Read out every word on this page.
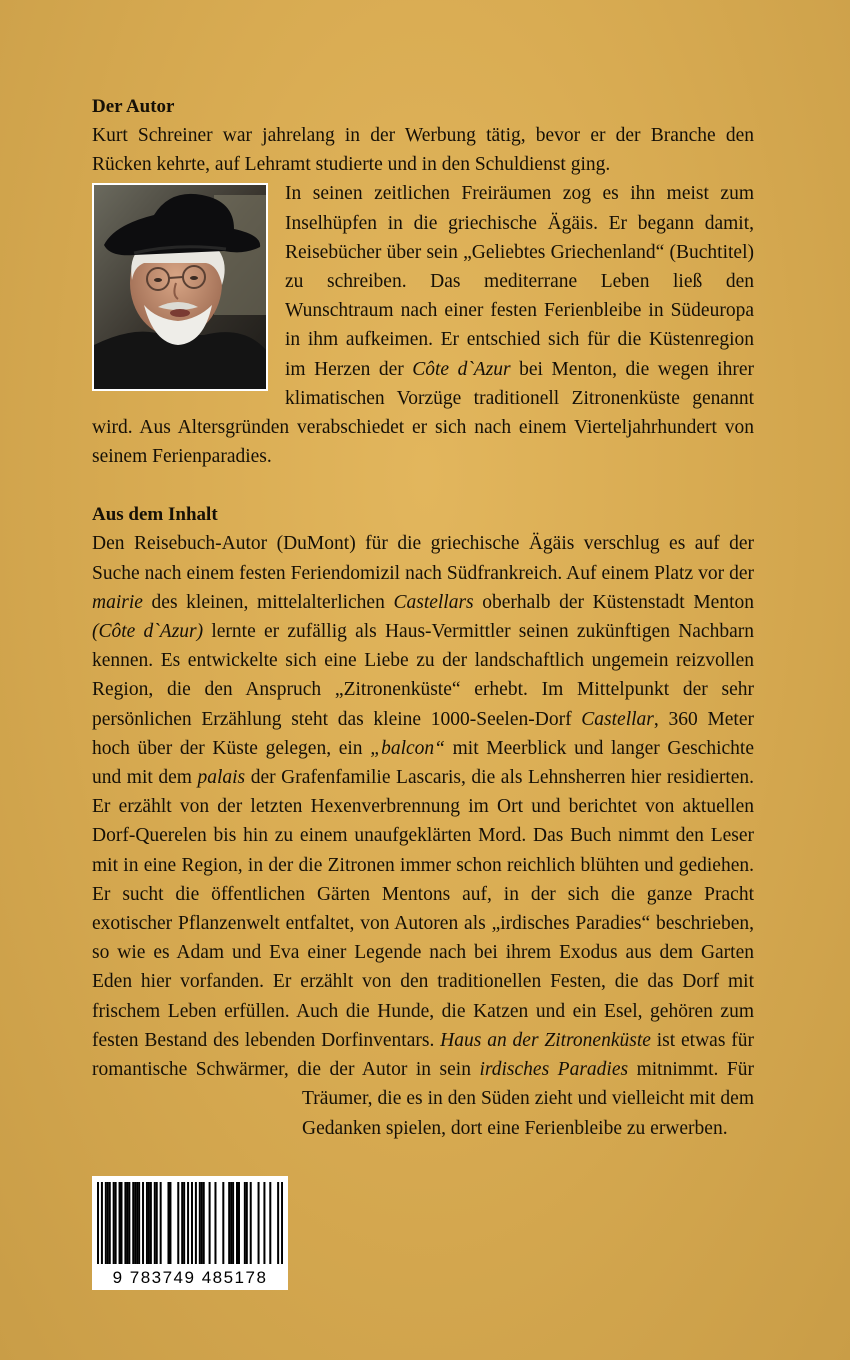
Der Autor

Kurt Schreiner war jahrelang in der Werbung tätig, bevor er der Branche den Rücken kehrte, auf Lehramt studierte und in den Schuldienst ging.

In seinen zeitlichen Freiräumen zog es ihn meist zum Inselhüpfen in die griechische Ägäis. Er begann damit, Reisebücher über sein „Geliebtes Griechenland“ (Buchtitel) zu schreiben. Das mediterrane Leben ließ den Wunschtraum nach einer festen Ferienbleibe in Südeuropa in ihm aufkeimen. Er entschied sich für die Küstenregion im Herzen der Côte d`Azur bei Menton, die wegen ihrer klimatischen Vorzüge traditionell Zitronenküste genannt wird. Aus Altersgründen verabschiedet er sich nach einem Vierteljahrhundert von seinem Ferienparadies.

Aus dem Inhalt

Den Reisebuch-Autor (DuMont) für die griechische Ägäis verschlug es auf der Suche nach einem festen Feriendomizil nach Südfrankreich. Auf einem Platz vor der mairie des kleinen, mittelalterlichen Castellars oberhalb der Küstenstadt Menton (Côte d`Azur) lernte er zufällig als Haus-Vermittler seinen zukünftigen Nachbarn kennen. Es entwickelte sich eine Liebe zu der landschaftlich ungemein reizvollen Region, die den Anspruch „Zitronenküste“ erhebt. Im Mittelpunkt der sehr persönlichen Erzählung steht das kleine 1000-Seelen-Dorf Castellar, 360 Meter hoch über der Küste gelegen, ein „balcon“ mit Meerblick und langer Geschichte und mit dem palais der Grafenfamilie Lascaris, die als Lehnsherren hier residierten. Er erzählt von der letzten Hexenverbrennung im Ort und berichtet von aktuellen Dorf-Querelen bis hin zu einem unaufgeklärten Mord. Das Buch nimmt den Leser mit in eine Region, in der die Zitronen immer schon reichlich blühten und gediehen. Er sucht die öffentlichen Gärten Mentons auf, in der sich die ganze Pracht exotischer Pflanzenwelt entfaltet, von Autoren als „irdisches Paradies“ beschrieben, so wie es Adam und Eva einer Legende nach bei ihrem Exodus aus dem Garten Eden hier vorfanden. Er erzählt von den traditionellen Festen, die das Dorf mit frischem Leben erfüllen. Auch die Hunde, die Katzen und ein Esel, gehören zum festen Bestand des lebenden Dorfinventars. Haus an der Zitronenküste ist etwas für romantische Schwärmer, die der Autor in sein irdisches Paradies
mitnimmt. Für Träumer, die es in den Süden zieht und vielleicht mit dem Gedanken spielen, dort eine Ferienbleibe zu erwerben.

9 783749 485178
